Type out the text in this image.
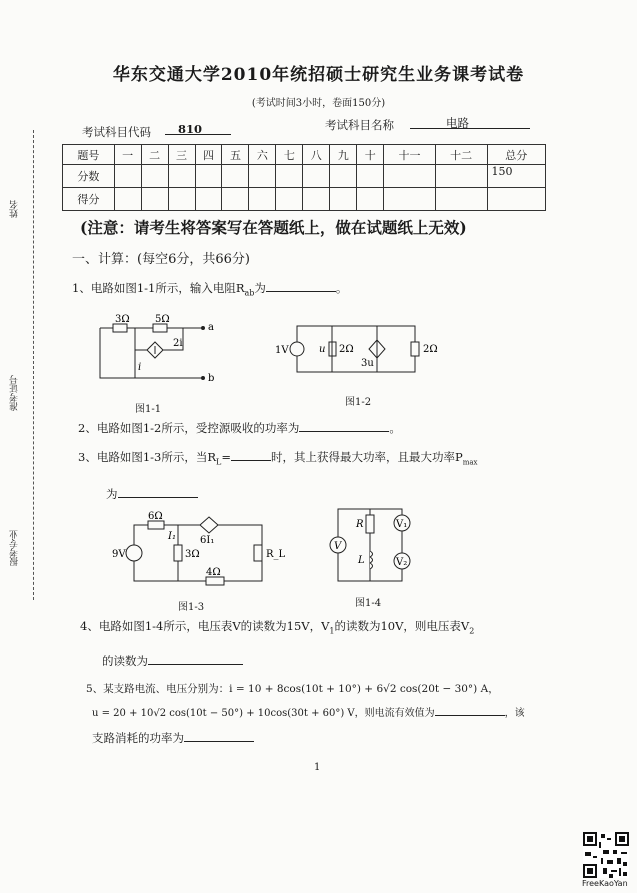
姓名
准考证号
报考专业
华东交通大学2010年统招硕士研究生业务课考试卷
(考试时间3小时，卷面150分)
考试科目代码 810	考试科目名称	电路
题号	一	二	三	四	五	六	七	八	九	十	十一	十二	总分
分数													150
得分													
(注意：请考生将答案写在答题纸上，做在试题纸上无效)
一、计算：(每空6分，共66分)
1、电路如图1-1所示，输入电阻$R_{ab}$为	。
3Ω	5Ω
a
b
2i
i
图1-1
1V	u 2Ω
3u
2Ω
图1-2
2、电路如图1-2所示，受控源吸收的功率为	。
3、电路如图1-3所示，当$R_L=$	时，其上获得最大功率，且最大功率$P_{max}$
为
6Ω
9V
I₁
3Ω
6I₁
R_L
4Ω
图1-3
V
R
L
V₁
V₂
图1-4
4、电路如图1-4所示，电压表V的读数为15V，$V_1$的读数为10V，则电压表$V_2$
的读数为
5、某支路电流、电压分别为：i = 10 + 8cos(10t + 10°) + 6√2 cos(20t − 30°) A，
u = 20 + 10√2 cos(10t − 50°) + 10cos(30t + 60°) V，则电流有效值为	，该
支路消耗的功率为
1
FreeKaoYan
